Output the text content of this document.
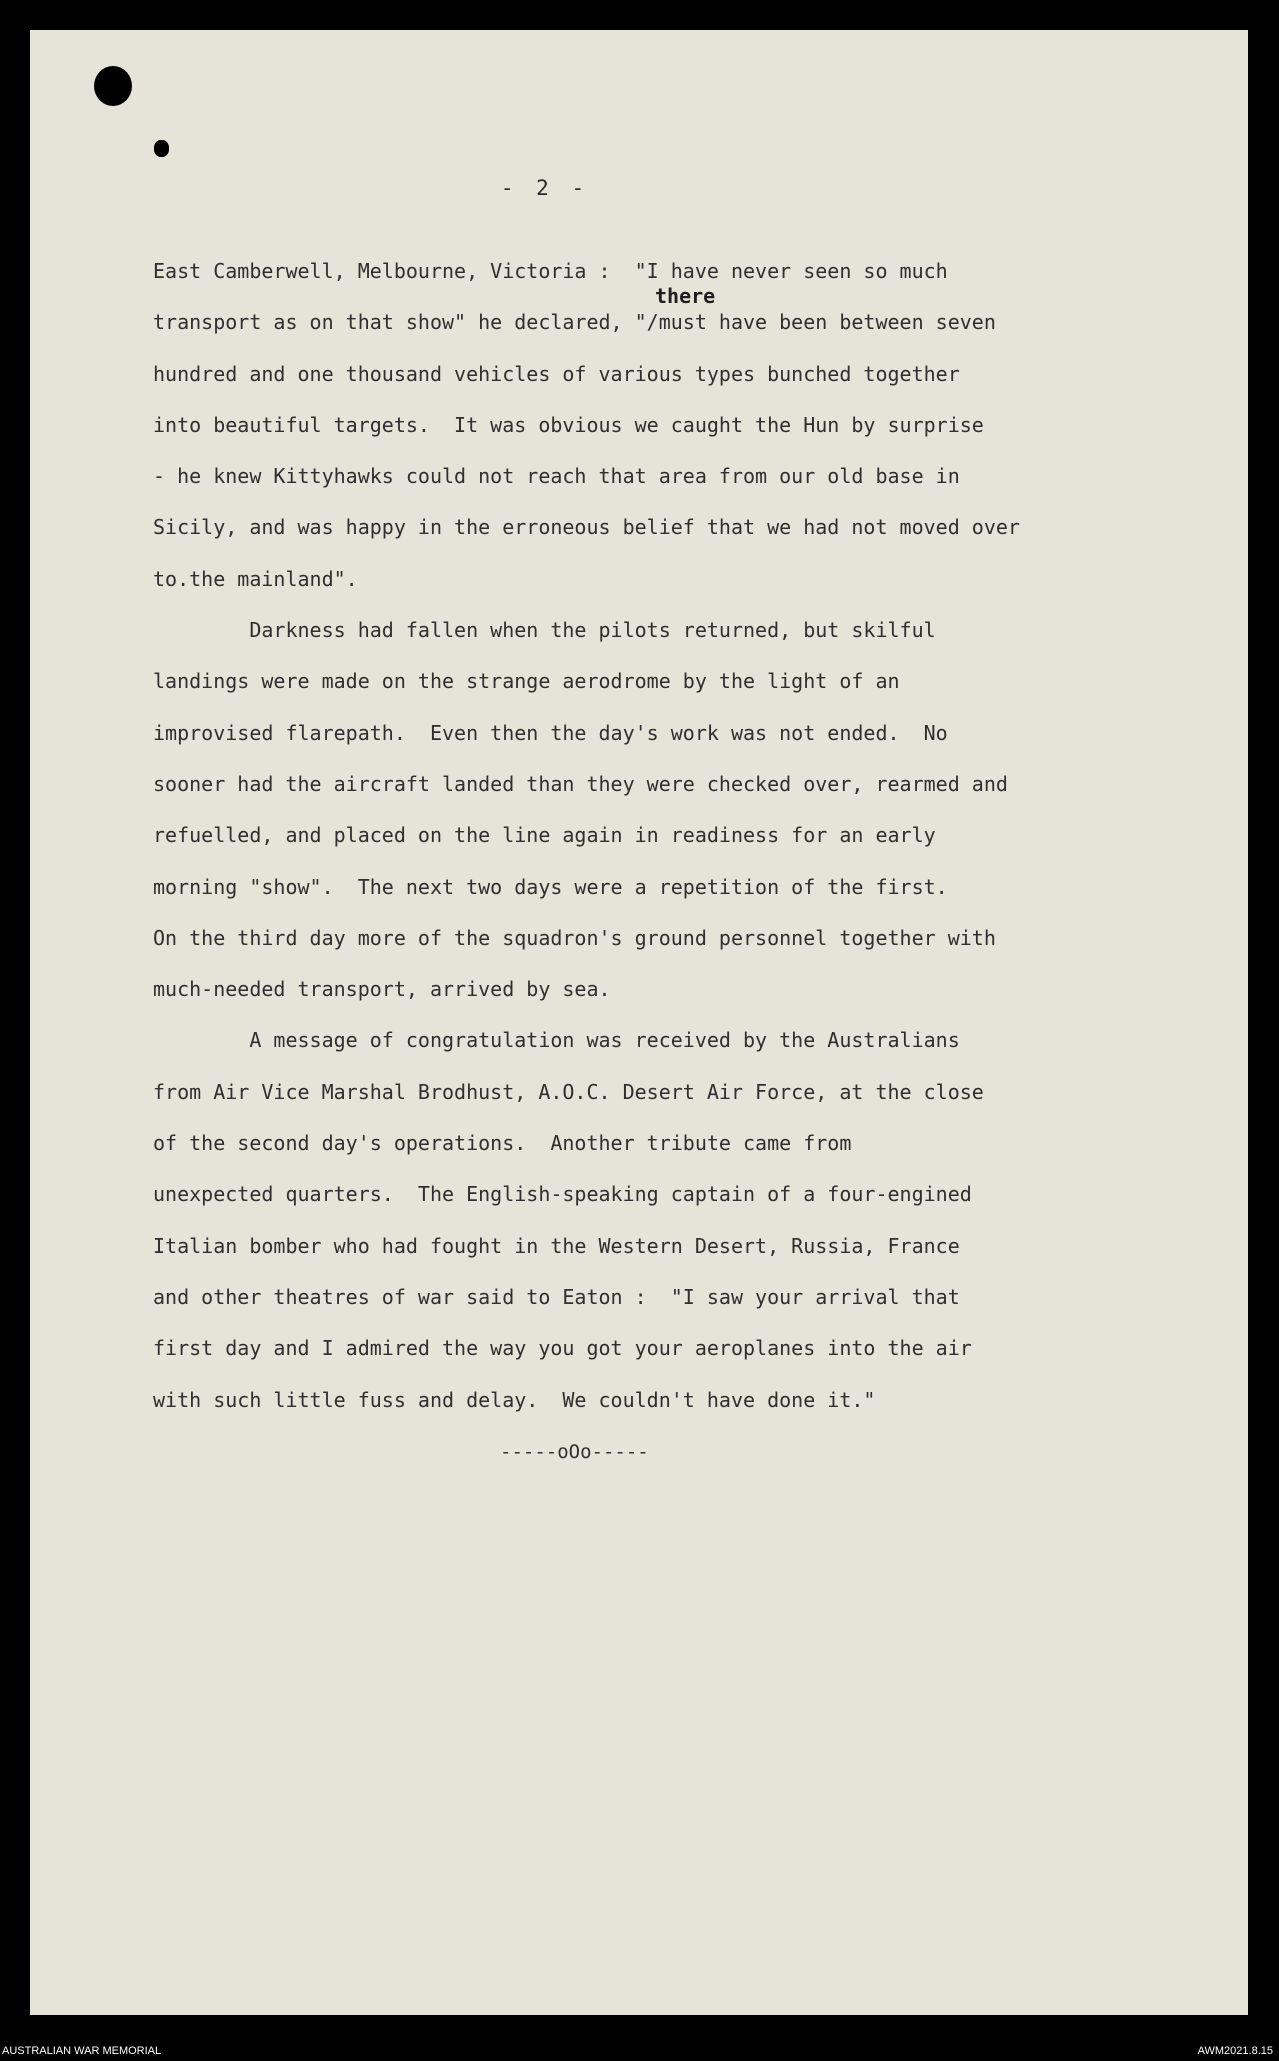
- 2 -
there
East Camberwell, Melbourne, Victoria :  "I have never seen so much
transport as on that show" he declared, "/must have been between seven
hundred and one thousand vehicles of various types bunched together
into beautiful targets.  It was obvious we caught the Hun by surprise
- he knew Kittyhawks could not reach that area from our old base in
Sicily, and was happy in the erroneous belief that we had not moved over
to.the mainland".
Darkness had fallen when the pilots returned, but skilful
landings were made on the strange aerodrome by the light of an
improvised flarepath.  Even then the day's work was not ended.  No
sooner had the aircraft landed than they were checked over, rearmed and
refuelled, and placed on the line again in readiness for an early
morning "show".  The next two days were a repetition of the first.
On the third day more of the squadron's ground personnel together with
much-needed transport, arrived by sea.
A message of congratulation was received by the Australians
from Air Vice Marshal Brodhust, A.O.C. Desert Air Force, at the close
of the second day's operations.  Another tribute came from
unexpected quarters.  The English-speaking captain of a four-engined
Italian bomber who had fought in the Western Desert, Russia, France
and other theatres of war said to Eaton :  "I saw your arrival that
first day and I admired the way you got your aeroplanes into the air
with such little fuss and delay.  We couldn't have done it."
-----oOo-----
AUSTRALIAN WAR MEMORIAL	AWM2021.8.15
